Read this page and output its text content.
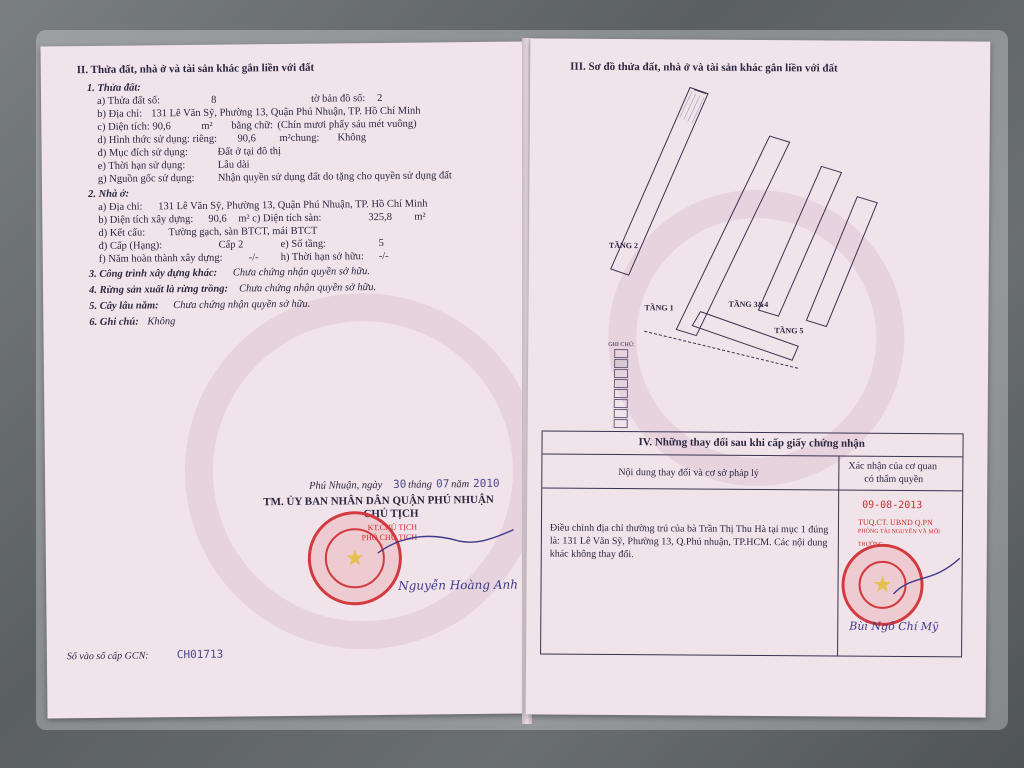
II. Thửa đất, nhà ở và tài sản khác gắn liền với đất
1. Thửa đất:
a) Thửa đất số:	8	tờ bản đồ số: 2
b) Địa chỉ: 131 Lê Văn Sỹ, Phường 13, Quận Phú Nhuận, TP. Hồ Chí Minh
c) Diện tích: 90,6	m² bằng chữ: (Chín mươi phẩy sáu mét vuông)
d) Hình thức sử dụng: riêng: 90,6 m²chung: Không
đ) Mục đích sử dụng:	Đất ở tại đô thị
e) Thời hạn sử dụng:	Lâu dài
g) Nguồn gốc sử dụng: Nhận quyền sử dụng đất do tặng cho quyền sử dụng đất
2. Nhà ở:
a) Địa chỉ: 131 Lê Văn Sỹ, Phường 13, Quận Phú Nhuận, TP. Hồ Chí Minh
b) Diện tích xây dựng: 90,6 m² c) Diện tích sàn:	325,8 m²
d) Kết cấu: Tường gạch, sàn BTCT, mái BTCT
đ) Cấp (Hạng):	Cấp 2	e) Số tầng:	5
f) Năm hoàn thành xây dựng: -/- h) Thời hạn sở hữu: -/-
3. Công trình xây dựng khác: Chưa chứng nhận quyền sở hữu.
4. Rừng sản xuất là rừng trồng: Chưa chứng nhận quyền sở hữu.
5. Cây lâu năm: Chưa chứng nhận quyền sở hữu.
6. Ghi chú: Không
Phú Nhuận, ngày 30 tháng 07 năm 2010
TM. ỦY BAN NHÂN DÂN QUẬN PHÚ NHUẬN
CHỦ TỊCH
KT.CHỦ TỊCH
PHÓ CHỦ TỊCH
★
Nguyễn Hoàng Anh
Số vào sổ cấp GCN:	CH01713
III. Sơ đồ thửa đất, nhà ở và tài sản khác gắn liền với đất
TẦNG 2
TẦNG 1	TẦNG 3&4
TẦNG 5
GHI CHÚ:
IV. Những thay đổi sau khi cấp giấy chứng nhận
Nội dung thay đổi và cơ sở pháp lý
Xác nhận của cơ quan
có thẩm quyền
Điều chỉnh địa chỉ thường trú của bà Trần Thị Thu Hà tại mục 1 đúng là: 131 Lê Văn Sỹ, Phường 13, Q.Phú nhuận, TP.HCM. Các nội dung khác không thay đổi.
09-08-2013
TUQ.CT. UBND Q.PN
PHÒNG TÀI NGUYÊN VÀ MÔI TRƯỜNG
★
Bùi Ngô Chí Mỹ
